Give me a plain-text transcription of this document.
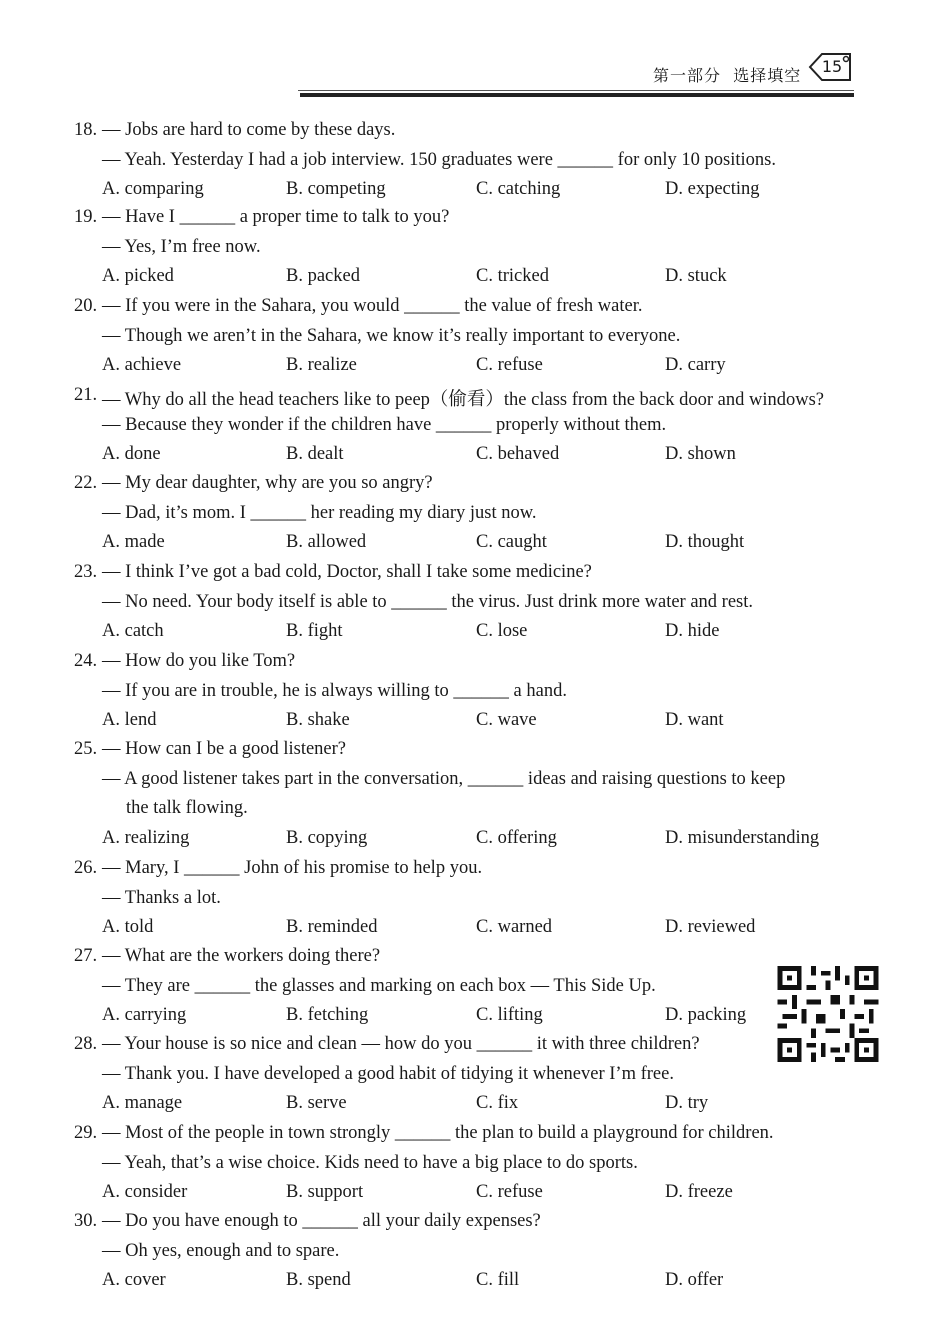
第一部分 选择填空 15
18. — Jobs are hard to come by these days.
— Yeah. Yesterday I had a job interview. 150 graduates were ______ for only 10 positions.
A. comparing	B. competing	C. catching	D. expecting
19. — Have I ______ a proper time to talk to you?
— Yes, I’m free now.
A. picked	B. packed	C. tricked	D. stuck
20. — If you were in the Sahara, you would ______ the value of fresh water.
— Though we aren’t in the Sahara, we know it’s really important to everyone.
A. achieve	B. realize	C. refuse	D. carry
21. — Why do all the head teachers like to peep（偷看）the class from the back door and windows?
— Because they wonder if the children have ______ properly without them.
A. done	B. dealt	C. behaved	D. shown
22. — My dear daughter, why are you so angry?
— Dad, it’s mom. I ______ her reading my diary just now.
A. made	B. allowed	C. caught	D. thought
23. — I think I’ve got a bad cold, Doctor, shall I take some medicine?
— No need. Your body itself is able to ______ the virus. Just drink more water and rest.
A. catch	B. fight	C. lose	D. hide
24. — How do you like Tom?
— If you are in trouble, he is always willing to ______ a hand.
A. lend	B. shake	C. wave	D. want
25. — How can I be a good listener?
— A good listener takes part in the conversation, ______ ideas and raising questions to keep
the talk flowing.
A. realizing	B. copying	C. offering	D. misunderstanding
26. — Mary, I ______ John of his promise to help you.
— Thanks a lot.
A. told	B. reminded	C. warned	D. reviewed
27. — What are the workers doing there?
— They are ______ the glasses and marking on each box — This Side Up.
A. carrying	B. fetching	C. lifting	D. packing
28. — Your house is so nice and clean — how do you ______ it with three children?
— Thank you. I have developed a good habit of tidying it whenever I’m free.
A. manage	B. serve	C. fix	D. try
29. — Most of the people in town strongly ______ the plan to build a playground for children.
— Yeah, that’s a wise choice. Kids need to have a big place to do sports.
A. consider	B. support	C. refuse	D. freeze
30. — Do you have enough to ______ all your daily expenses?
— Oh yes, enough and to spare.
A. cover	B. spend	C. fill	D. offer
